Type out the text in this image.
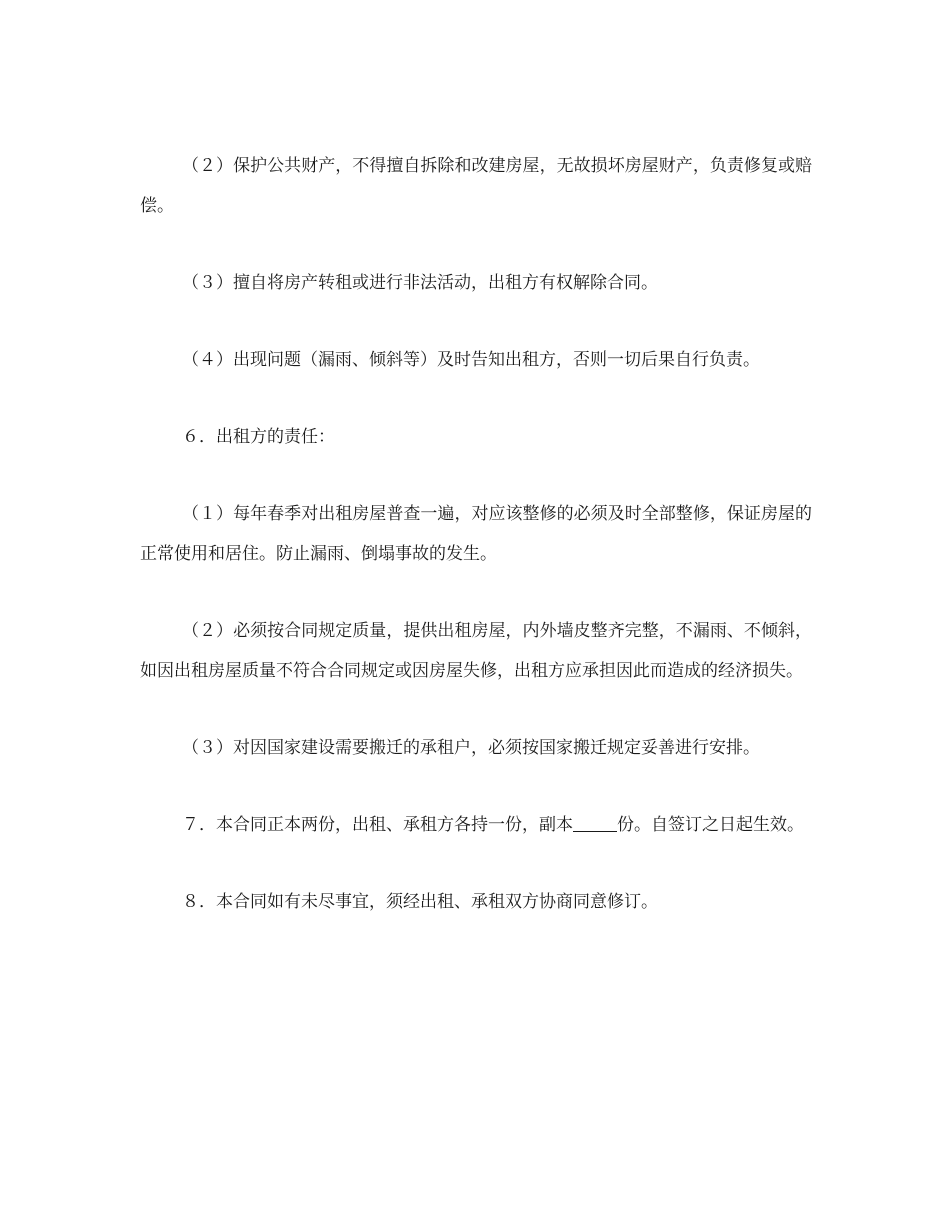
（２）保护公共财产，不得擅自拆除和改建房屋，无故损坏房屋财产，负责修复或赔偿。

（３）擅自将房产转租或进行非法活动，出租方有权解除合同。

（４）出现问题（漏雨、倾斜等）及时告知出租方，否则一切后果自行负责。

６．出租方的责任：

（１）每年春季对出租房屋普查一遍，对应该整修的必须及时全部整修，保证房屋的正常使用和居住。防止漏雨、倒塌事故的发生。

（２）必须按合同规定质量，提供出租房屋，内外墙皮整齐完整，不漏雨、不倾斜，如因出租房屋质量不符合合同规定或因房屋失修，出租方应承担因此而造成的经济损失。

（３）对因国家建设需要搬迁的承租户，必须按国家搬迁规定妥善进行安排。

７．本合同正本两份，出租、承租方各持一份，副本	份。自签订之日起生效。

８．本合同如有未尽事宜，须经出租、承租双方协商同意修订。
